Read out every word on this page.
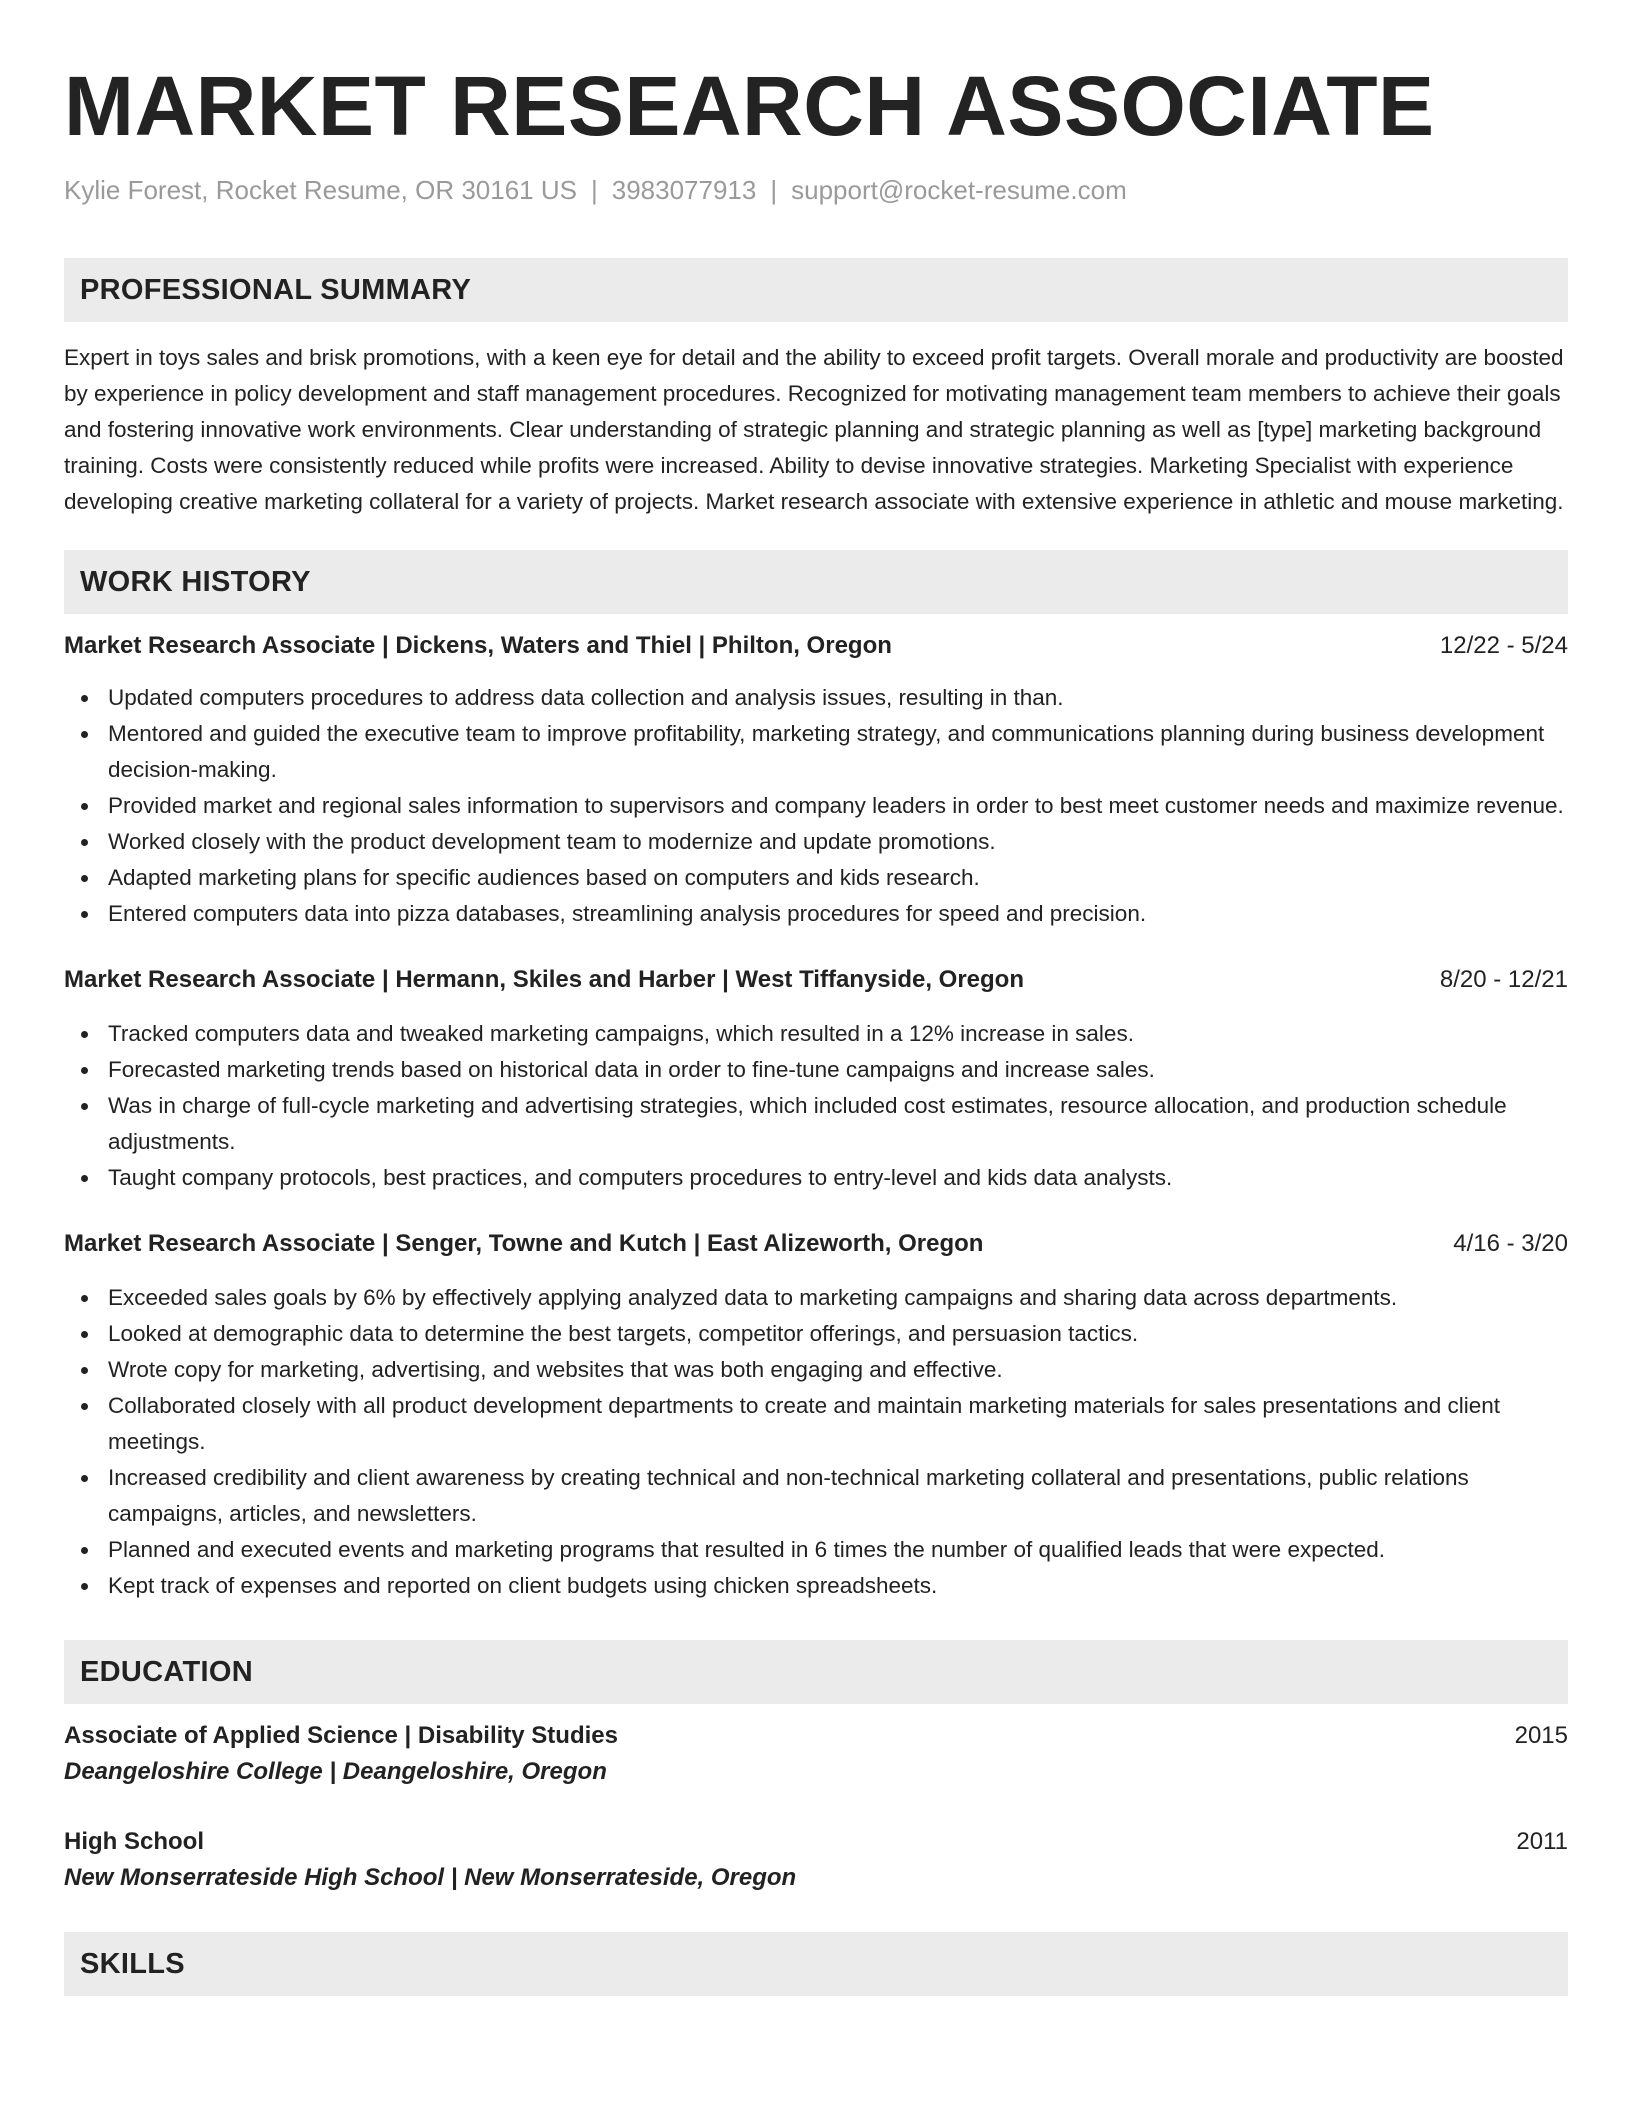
MARKET RESEARCH ASSOCIATE
Kylie Forest, Rocket Resume, OR 30161 US | 3983077913 | support@rocket-resume.com
PROFESSIONAL SUMMARY

Expert in toys sales and brisk promotions, with a keen eye for detail and the ability to exceed profit targets. Overall morale and productivity are boosted by experience in policy development and staff management procedures. Recognized for motivating management team members to achieve their goals and fostering innovative work environments. Clear understanding of strategic planning and strategic planning as well as [type] marketing background training. Costs were consistently reduced while profits were increased. Ability to devise innovative strategies. Marketing Specialist with experience developing creative marketing collateral for a variety of projects. Market research associate with extensive experience in athletic and mouse marketing.

WORK HISTORY
Market Research Associate | Dickens, Waters and Thiel | Philton, Oregon	12/22 - 5/24
Updated computers procedures to address data collection and analysis issues, resulting in than.
Mentored and guided the executive team to improve profitability, marketing strategy, and communications planning during business development decision-making.
Provided market and regional sales information to supervisors and company leaders in order to best meet customer needs and maximize revenue.
Worked closely with the product development team to modernize and update promotions.
Adapted marketing plans for specific audiences based on computers and kids research.
Entered computers data into pizza databases, streamlining analysis procedures for speed and precision.
Market Research Associate | Hermann, Skiles and Harber | West Tiffanyside, Oregon	8/20 - 12/21
Tracked computers data and tweaked marketing campaigns, which resulted in a 12% increase in sales.
Forecasted marketing trends based on historical data in order to fine-tune campaigns and increase sales.
Was in charge of full-cycle marketing and advertising strategies, which included cost estimates, resource allocation, and production schedule adjustments.
Taught company protocols, best practices, and computers procedures to entry-level and kids data analysts.
Market Research Associate | Senger, Towne and Kutch | East Alizeworth, Oregon	4/16 - 3/20
Exceeded sales goals by 6% by effectively applying analyzed data to marketing campaigns and sharing data across departments.
Looked at demographic data to determine the best targets, competitor offerings, and persuasion tactics.
Wrote copy for marketing, advertising, and websites that was both engaging and effective.
Collaborated closely with all product development departments to create and maintain marketing materials for sales presentations and client meetings.
Increased credibility and client awareness by creating technical and non-technical marketing collateral and presentations, public relations campaigns, articles, and newsletters.
Planned and executed events and marketing programs that resulted in 6 times the number of qualified leads that were expected.
Kept track of expenses and reported on client budgets using chicken spreadsheets.
EDUCATION
Associate of Applied Science | Disability Studies	2015
Deangeloshire College | Deangeloshire, Oregon
High School	2011
New Monserrateside High School | New Monserrateside, Oregon
SKILLS
